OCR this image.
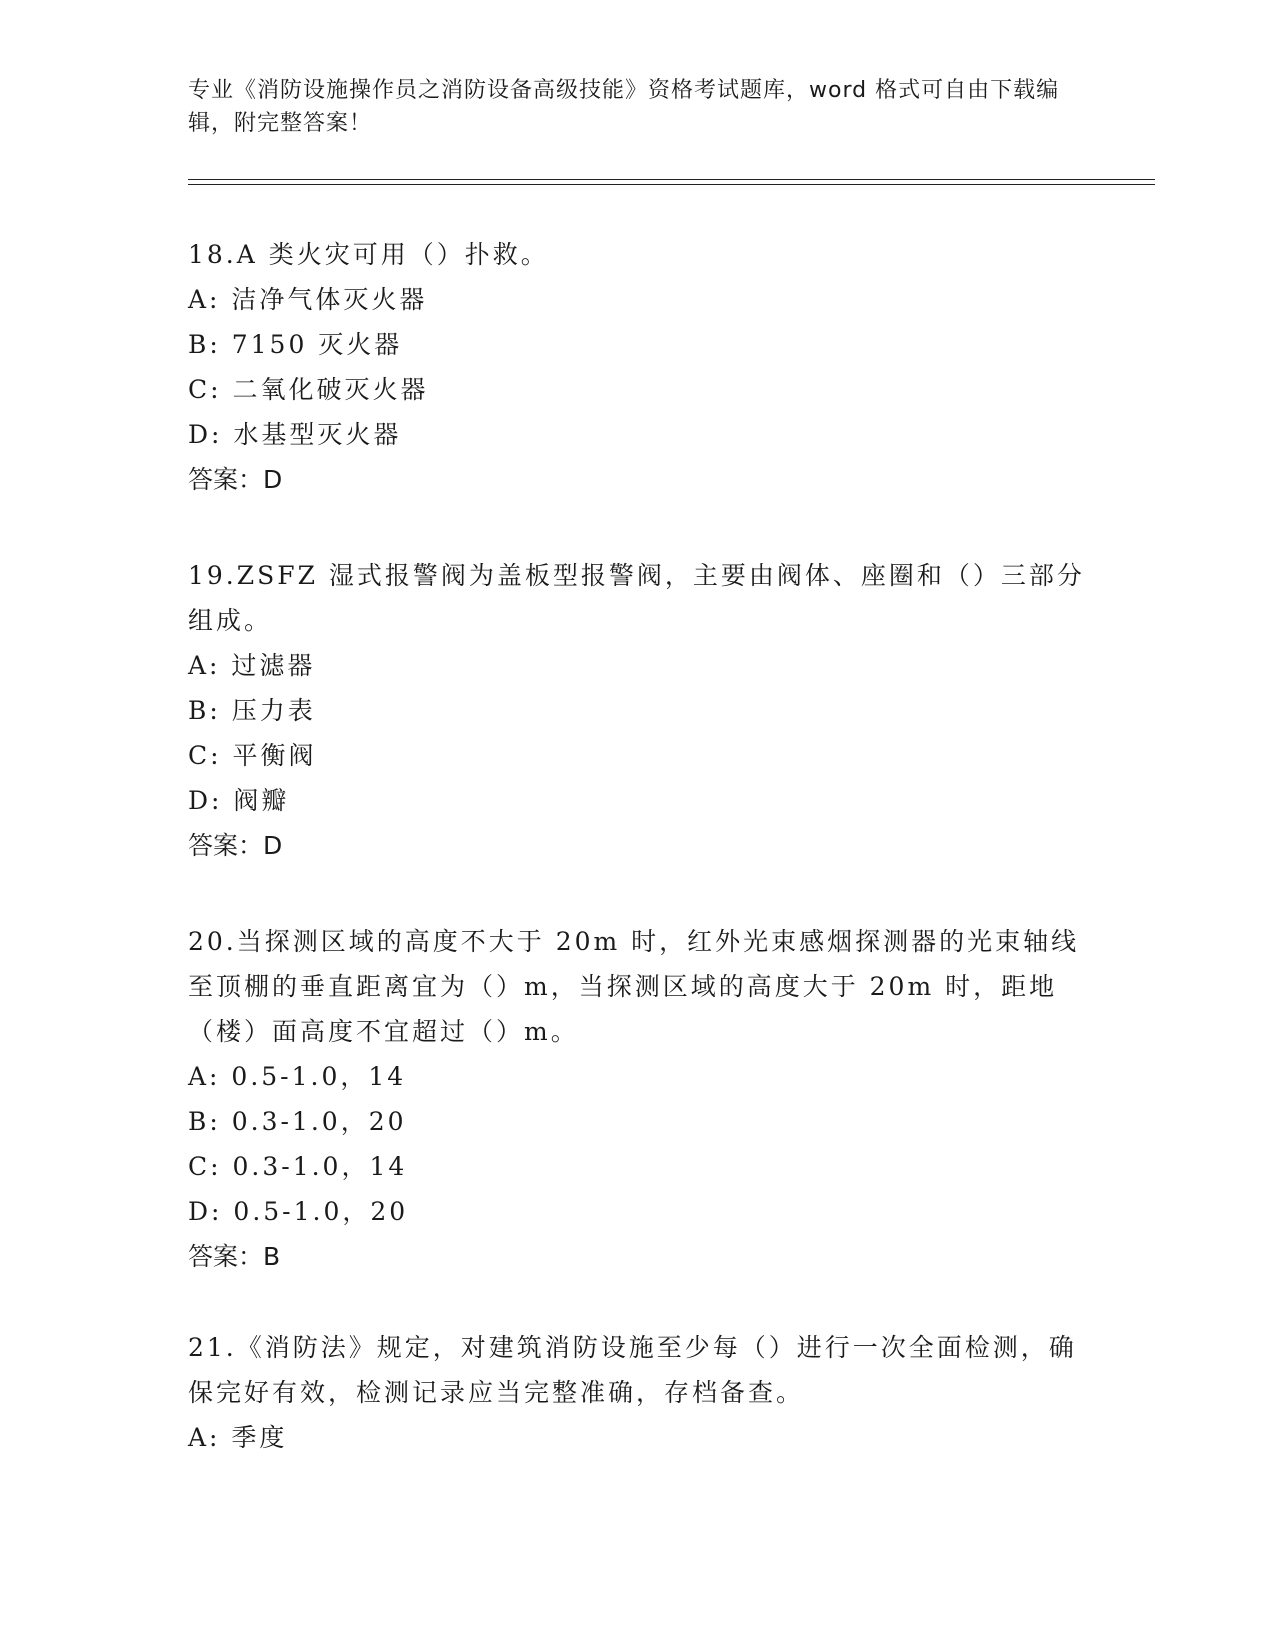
专业《消防设施操作员之消防设备高级技能》资格考试题库，word 格式可自由下载编辑，附完整答案！

18.A 类火灾可用（）扑救。

A: 洁净气体灭火器

B: 7150 灭火器

C: 二氧化破灭火器

D: 水基型灭火器

答案：D

19.ZSFZ 湿式报警阀为盖板型报警阀，主要由阀体、座圈和（）三部分组成。

A: 过滤器

B: 压力表

C: 平衡阀

D: 阀瓣

答案：D

20.当探测区域的高度不大于 20m 时，红外光束感烟探测器的光束轴线至顶棚的垂直距离宜为（）m，当探测区域的高度大于 20m 时，距地（楼）面高度不宜超过（）m。

A: 0.5-1.0，14

B: 0.3-1.0，20

C: 0.3-1.0，14

D: 0.5-1.0，20

答案：B

21.《消防法》规定，对建筑消防设施至少每（）进行一次全面检测，确保完好有效，检测记录应当完整准确，存档备查。

A: 季度
